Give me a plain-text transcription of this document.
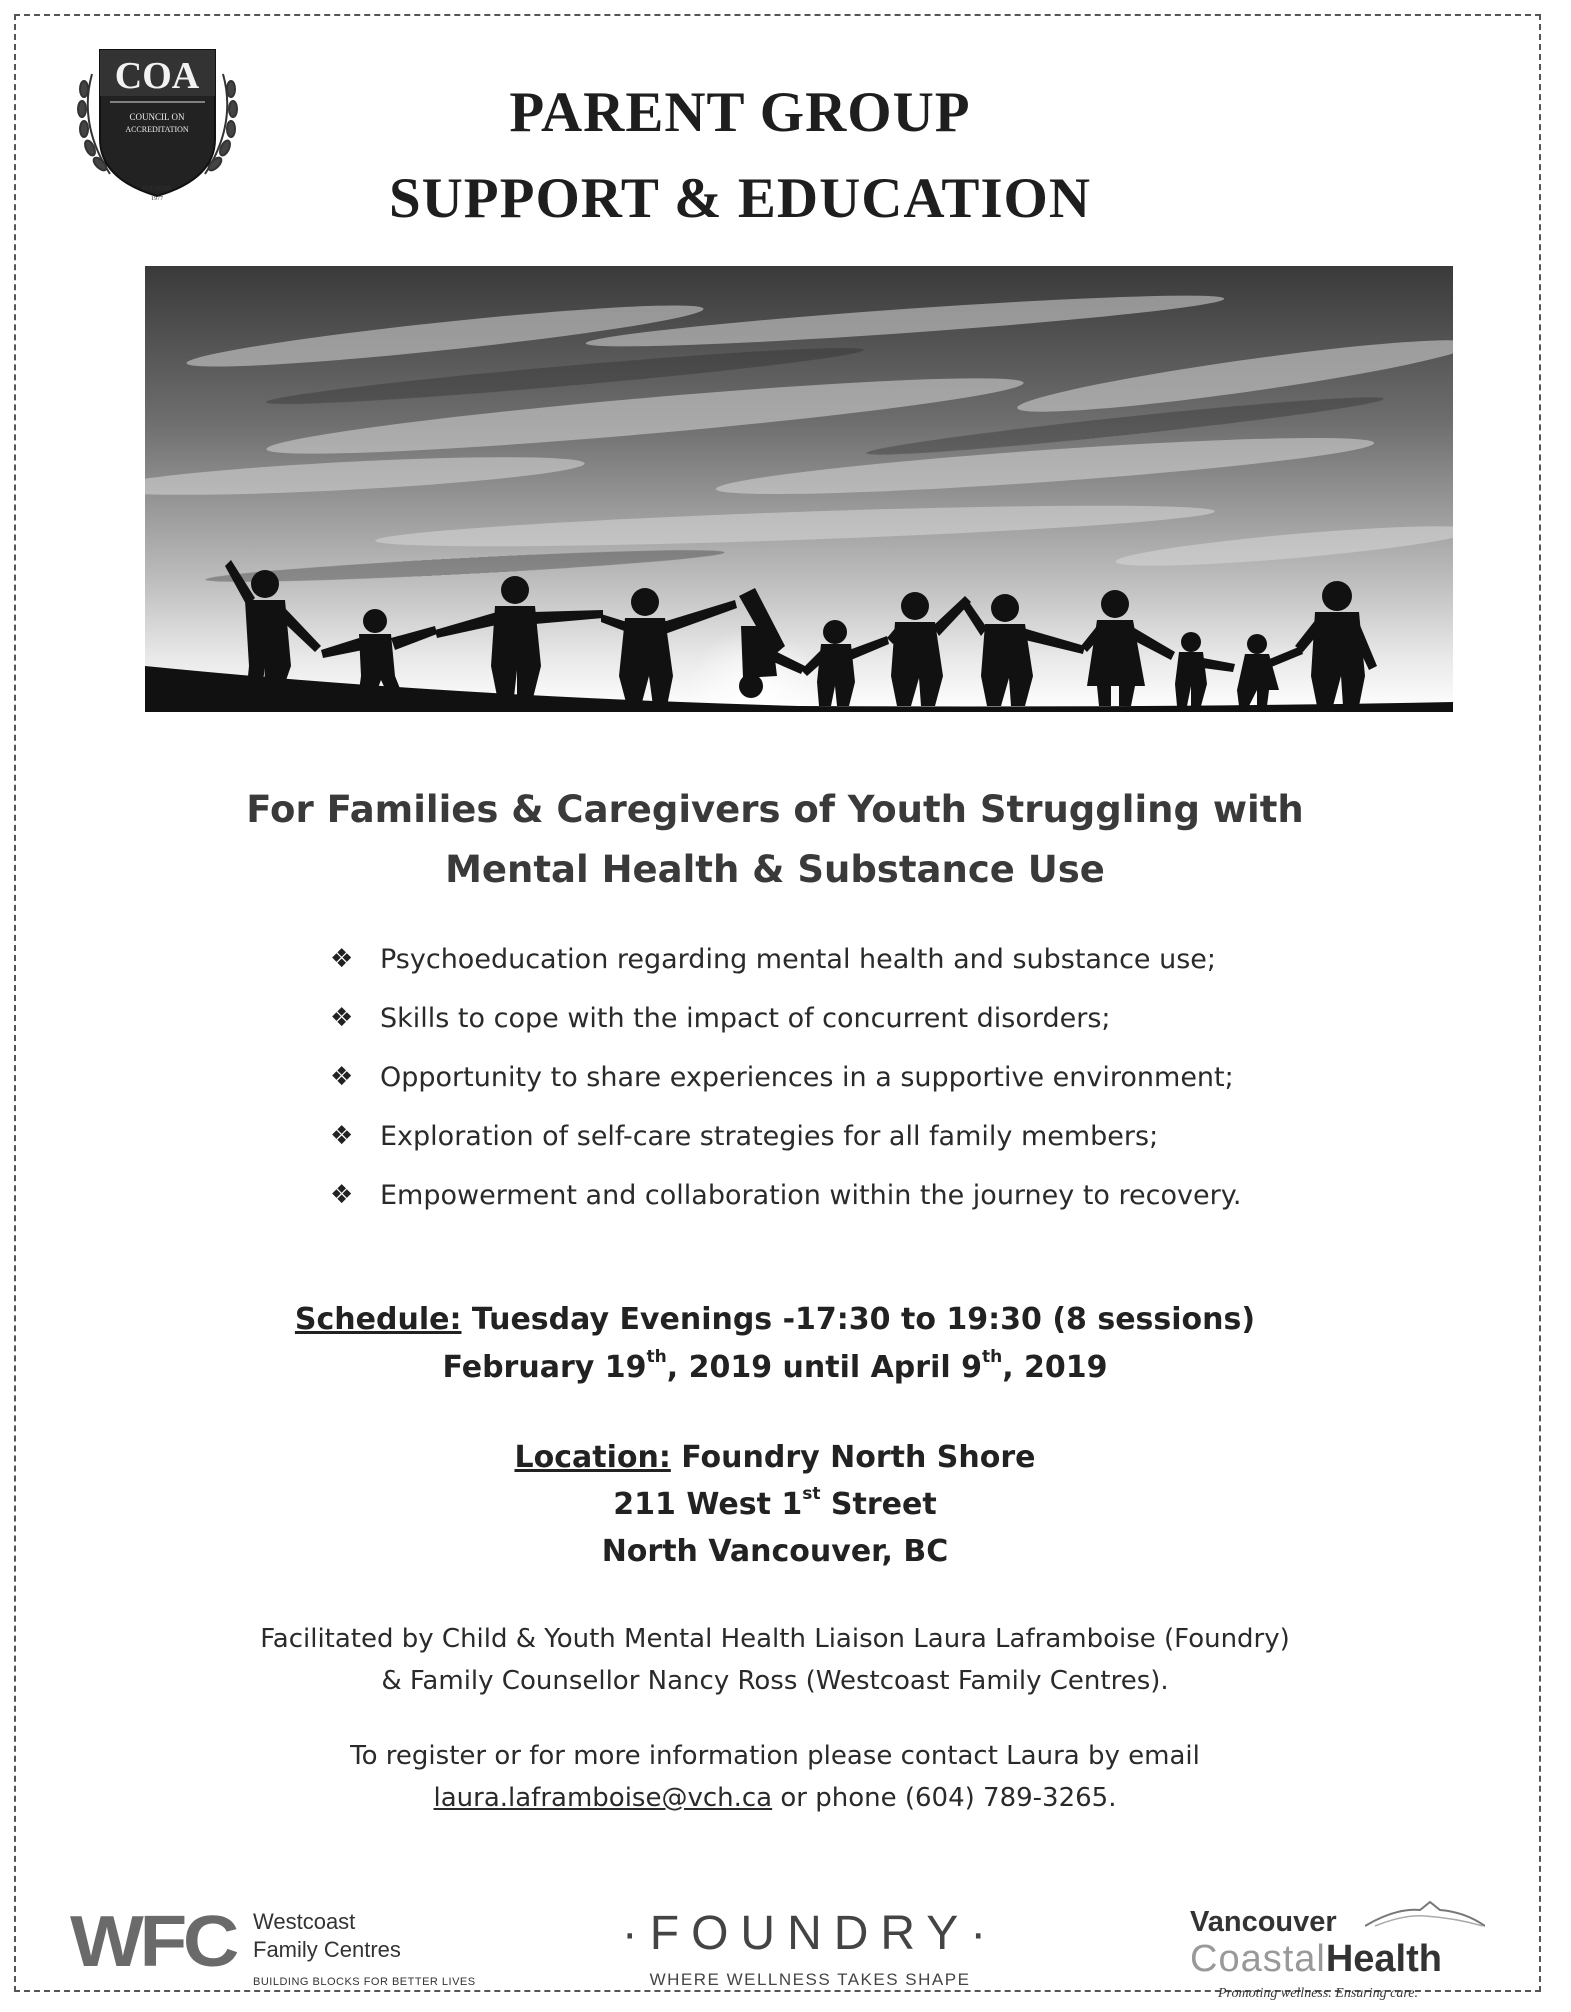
COA
COUNCIL ON
ACCREDITATION
FOUNDED
1977
PARENT GROUP
SUPPORT & EDUCATION
For Families & Caregivers of Youth Struggling with
Mental Health & Substance Use
❖ Psychoeducation regarding mental health and substance use;
❖ Skills to cope with the impact of concurrent disorders;
❖ Opportunity to share experiences in a supportive environment;
❖ Exploration of self-care strategies for all family members;
❖ Empowerment and collaboration within the journey to recovery.
Schedule: Tuesday Evenings -17:30 to 19:30 (8 sessions)
February 19th, 2019 until April 9th, 2019
Location: Foundry North Shore
211 West 1st Street
North Vancouver, BC
Facilitated by Child & Youth Mental Health Liaison Laura Laframboise (Foundry)
& Family Counsellor Nancy Ross (Westcoast Family Centres).
To register or for more information please contact Laura by email
laura.laframboise@vch.ca or phone (604) 789-3265.
WFC Westcoast
Family Centres
BUILDING BLOCKS FOR BETTER LIVES
·FOUNDRY·
WHERE WELLNESS TAKES SHAPE
Vancouver
CoastalHealth
Promoting wellness. Ensuring care.
